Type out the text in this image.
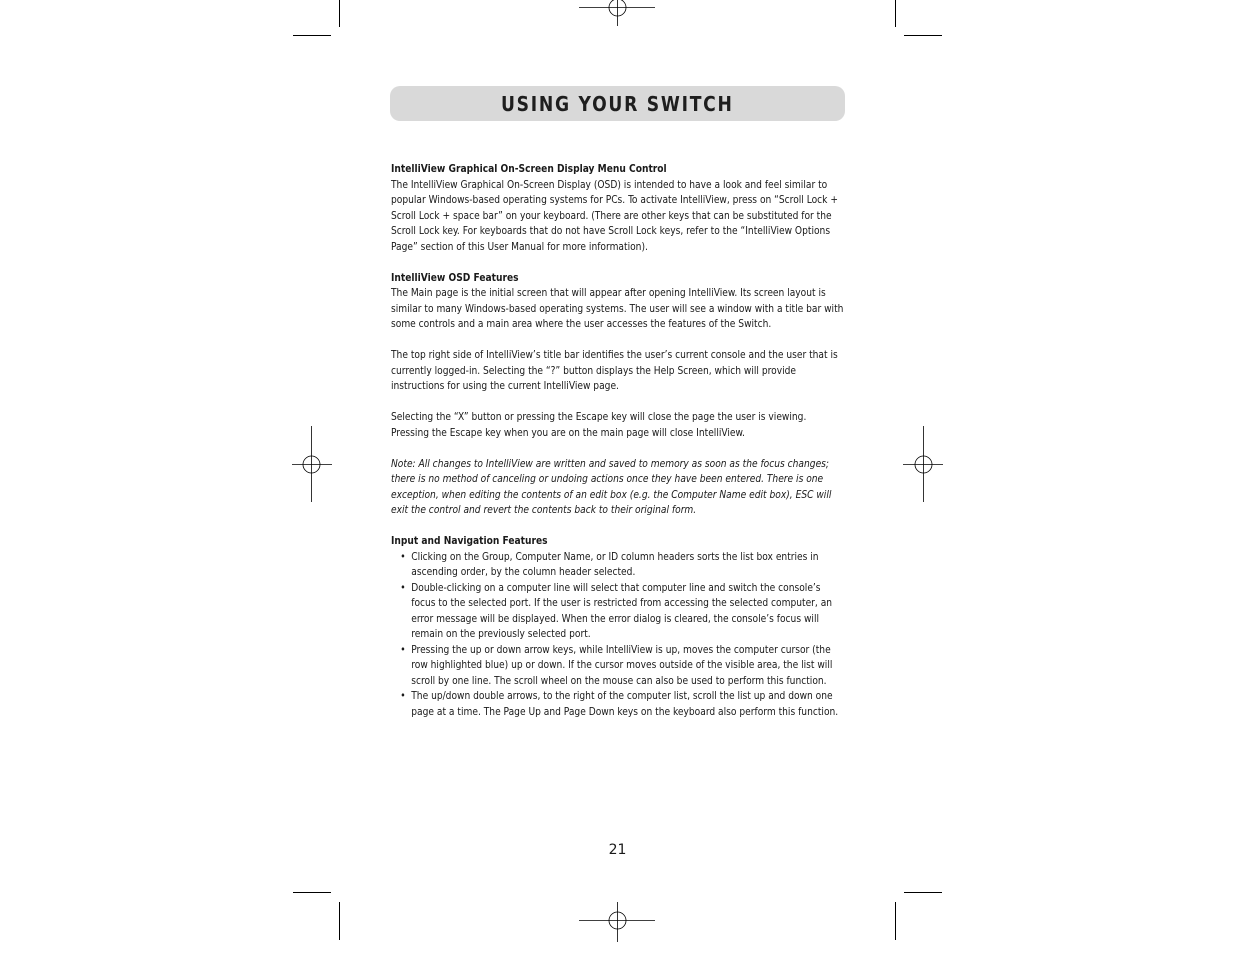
USING YOUR SWITCH

IntelliView Graphical On-Screen Display Menu Control

The IntelliView Graphical On-Screen Display (OSD) is intended to have a look and feel similar to popular Windows-based operating systems for PCs. To activate IntelliView, press on “Scroll Lock + Scroll Lock + space bar” on your keyboard. (There are other keys that can be substituted for the Scroll Lock key. For keyboards that do not have Scroll Lock keys, refer to the “IntelliView Options Page” section of this User Manual for more information).

IntelliView OSD Features

The Main page is the initial screen that will appear after opening IntelliView. Its screen layout is similar to many Windows-based operating systems. The user will see a window with a title bar with some controls and a main area where the user accesses the features of the Switch.

The top right side of IntelliView’s title bar identifies the user’s current console and the user that is currently logged-in. Selecting the “?” button displays the Help Screen, which will provide instructions for using the current IntelliView page.

Selecting the “X” button or pressing the Escape key will close the page the user is viewing. Pressing the Escape key when you are on the main page will close IntelliView.

Note: All changes to IntelliView are written and saved to memory as soon as the focus changes; there is no method of canceling or undoing actions once they have been entered. There is one exception, when editing the contents of an edit box (e.g. the Computer Name edit box), ESC will exit the control and revert the contents back to their original form.

Input and Navigation Features

• Clicking on the Group, Computer Name, or ID column headers sorts the list box entries in ascending order, by the column header selected.
• Double-clicking on a computer line will select that computer line and switch the console’s focus to the selected port. If the user is restricted from accessing the selected computer, an error message will be displayed. When the error dialog is cleared, the console’s focus will remain on the previously selected port.
• Pressing the up or down arrow keys, while IntelliView is up, moves the computer cursor (the row highlighted blue) up or down. If the cursor moves outside of the visible area, the list will scroll by one line. The scroll wheel on the mouse can also be used to perform this function.
• The up/down double arrows, to the right of the computer list, scroll the list up and down one page at a time. The Page Up and Page Down keys on the keyboard also perform this function.
21
